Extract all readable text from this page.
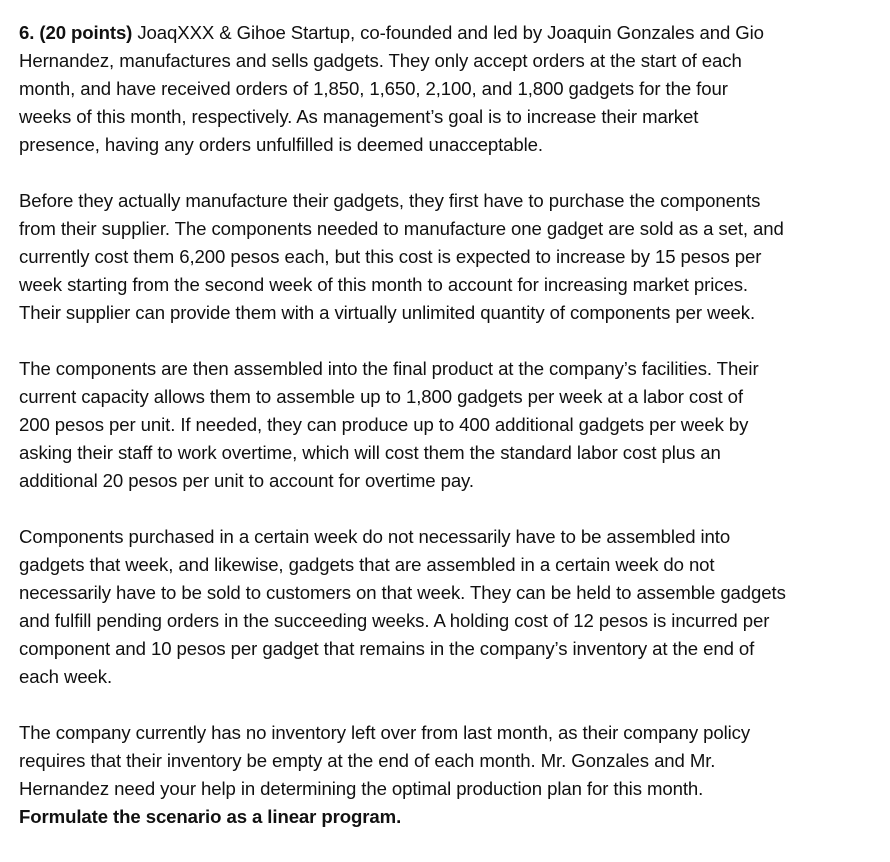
6. (20 points) JoaqXXX & Gihoe Startup, co-founded and led by Joaquin Gonzales and Gio
Hernandez, manufactures and sells gadgets. They only accept orders at the start of each
month, and have received orders of 1,850, 1,650, 2,100, and 1,800 gadgets for the four
weeks of this month, respectively. As management’s goal is to increase their market
presence, having any orders unfulfilled is deemed unacceptable.
Before they actually manufacture their gadgets, they first have to purchase the components
from their supplier. The components needed to manufacture one gadget are sold as a set, and
currently cost them 6,200 pesos each, but this cost is expected to increase by 15 pesos per
week starting from the second week of this month to account for increasing market prices.
Their supplier can provide them with a virtually unlimited quantity of components per week.
The components are then assembled into the final product at the company’s facilities. Their
current capacity allows them to assemble up to 1,800 gadgets per week at a labor cost of
200 pesos per unit. If needed, they can produce up to 400 additional gadgets per week by
asking their staff to work overtime, which will cost them the standard labor cost plus an
additional 20 pesos per unit to account for overtime pay.
Components purchased in a certain week do not necessarily have to be assembled into
gadgets that week, and likewise, gadgets that are assembled in a certain week do not
necessarily have to be sold to customers on that week. They can be held to assemble gadgets
and fulfill pending orders in the succeeding weeks. A holding cost of 12 pesos is incurred per
component and 10 pesos per gadget that remains in the company’s inventory at the end of
each week.
The company currently has no inventory left over from last month, as their company policy
requires that their inventory be empty at the end of each month. Mr. Gonzales and Mr.
Hernandez need your help in determining the optimal production plan for this month.
Formulate the scenario as a linear program.
